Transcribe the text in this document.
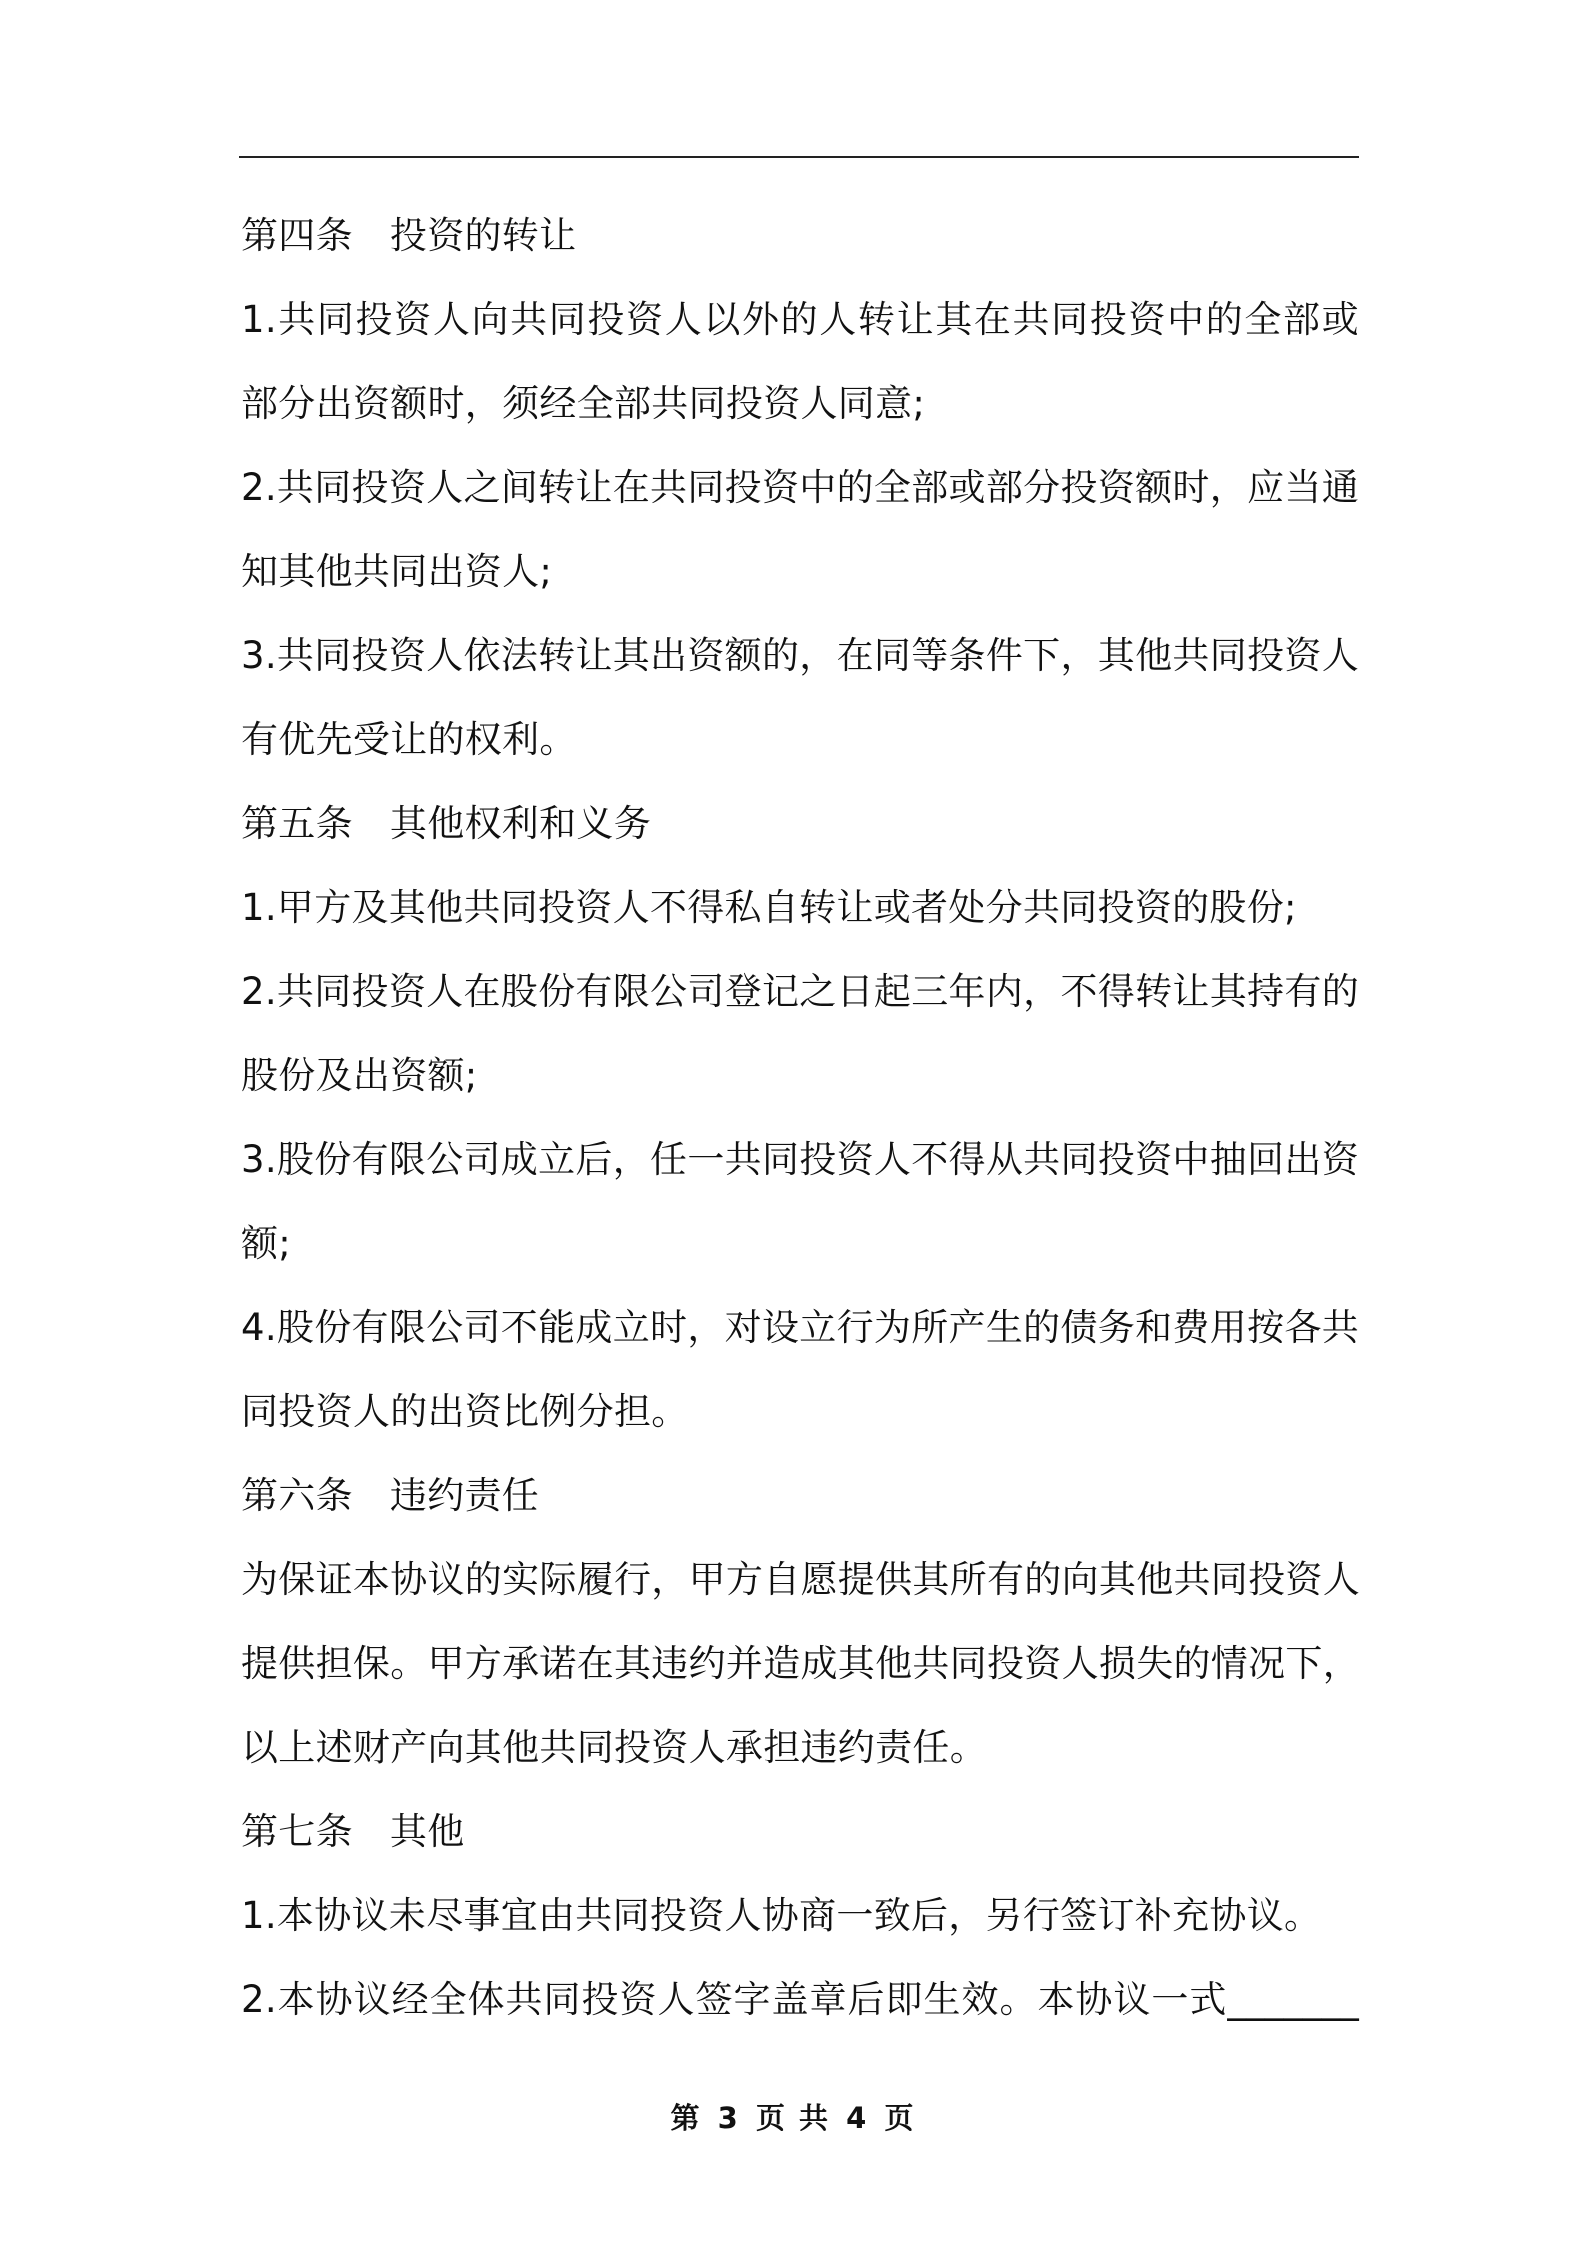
第四条 投资的转让
1.共同投资人向共同投资人以外的人转让其在共同投资中的全部或
部分出资额时，须经全部共同投资人同意;
2.共同投资人之间转让在共同投资中的全部或部分投资额时，应当通
知其他共同出资人;
3.共同投资人依法转让其出资额的，在同等条件下，其他共同投资人
有优先受让的权利。
第五条 其他权利和义务
1.甲方及其他共同投资人不得私自转让或者处分共同投资的股份;
2.共同投资人在股份有限公司登记之日起三年内，不得转让其持有的
股份及出资额;
3.股份有限公司成立后，任一共同投资人不得从共同投资中抽回出资
额;
4.股份有限公司不能成立时，对设立行为所产生的债务和费用按各共
同投资人的出资比例分担。
第六条 违约责任
为保证本协议的实际履行，甲方自愿提供其所有的向其他共同投资人
提供担保。甲方承诺在其违约并造成其他共同投资人损失的情况下，
以上述财产向其他共同投资人承担违约责任。
第七条 其他
1.本协议未尽事宜由共同投资人协商一致后，另行签订补充协议。
2.本协议经全体共同投资人签字盖章后即生效。本协议一式_______
第 3 页 共 4 页
